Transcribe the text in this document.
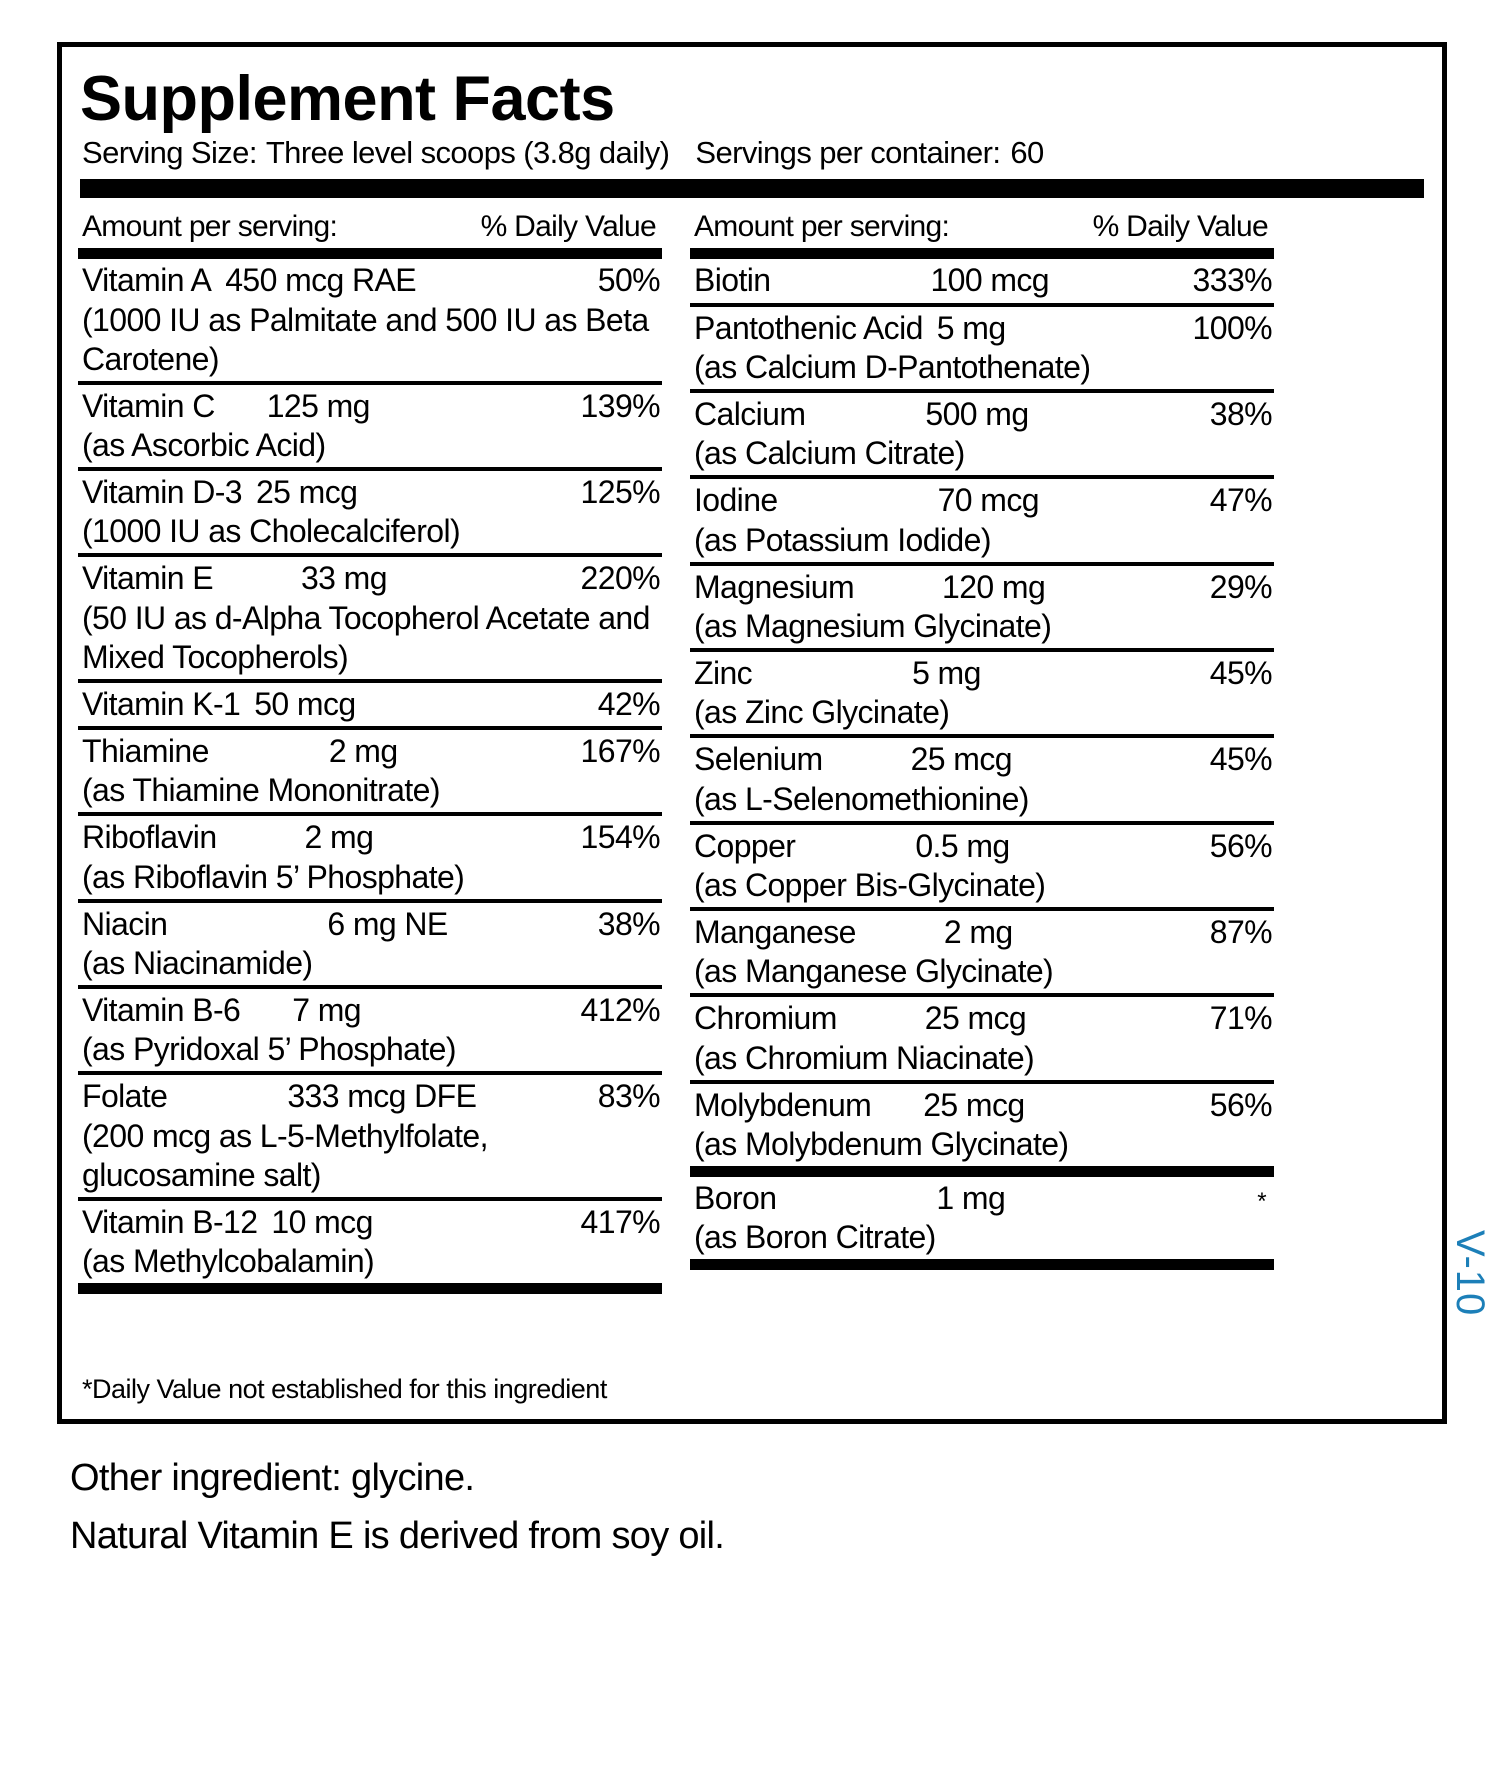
Supplement Facts
Serving Size: Three level scoops (3.8g daily) Servings per container: 60
Amount per serving:	% Daily Value
Vitamin A 450 mcg RAE	50%
(1000 IU as Palmitate and 500 IU as Beta Carotene)
Vitamin C	125 mg	139%
(as Ascorbic Acid)
Vitamin D-3 25 mcg	125%
(1000 IU as Cholecalciferol)
Vitamin E	33 mg	220%
(50 IU as d-Alpha Tocopherol Acetate and Mixed Tocopherols)
Vitamin K-1 50 mcg	42%
Thiamine	2 mg	167%
(as Thiamine Mononitrate)
Riboflavin	2 mg	154%
(as Riboflavin 5’ Phosphate)
Niacin	6 mg NE	38%
(as Niacinamide)
Vitamin B-6	7 mg	412%
(as Pyridoxal 5’ Phosphate)
Folate	333 mcg DFE	83%
(200 mcg as L-5-Methylfolate, glucosamine salt)
Vitamin B-12 10 mcg	417%
(as Methylcobalamin)
Amount per serving:	% Daily Value
Biotin	100 mcg	333%
Pantothenic Acid 5 mg	100%
(as Calcium D-Pantothenate)
Calcium	500 mg	38%
(as Calcium Citrate)
Iodine	70 mcg	47%
(as Potassium Iodide)
Magnesium	120 mg	29%
(as Magnesium Glycinate)
Zinc	5 mg	45%
(as Zinc Glycinate)
Selenium	25 mcg	45%
(as L-Selenomethionine)
Copper	0.5 mg	56%
(as Copper Bis-Glycinate)
Manganese	2 mg	87%
(as Manganese Glycinate)
Chromium	25 mcg	71%
(as Chromium Niacinate)
Molybdenum	25 mcg	56%
(as Molybdenum Glycinate)
Boron	1 mg	*
(as Boron Citrate)
*Daily Value not established for this ingredient
V-10
Other ingredient: glycine.
Natural Vitamin E is derived from soy oil.
